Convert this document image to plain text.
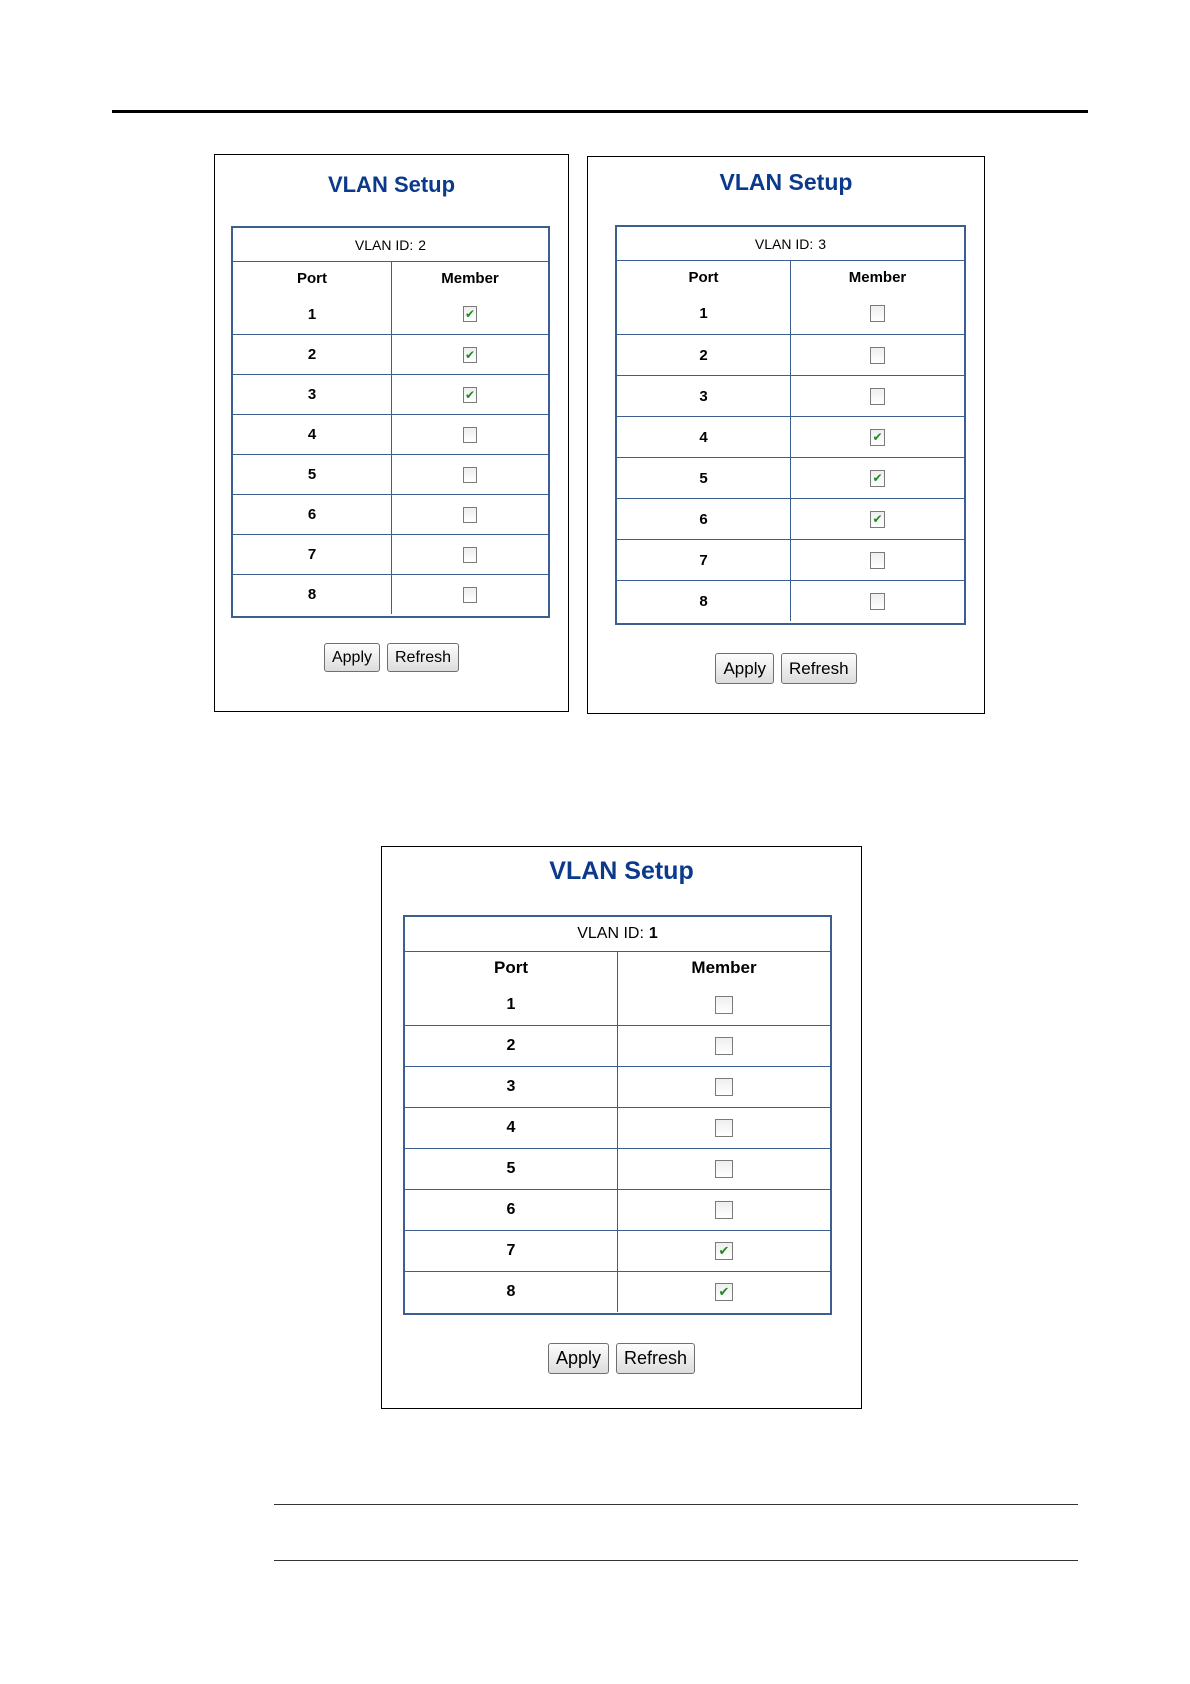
VLAN Setup
VLAN ID: 2
Port	Member
1	✔
2	✔
3	✔
4
5
6
7
8
Apply	Refresh
VLAN Setup
VLAN ID: 3
Port	Member
1
2
3
4	✔
5	✔
6	✔
7
8
Apply	Refresh
VLAN Setup
VLAN ID: 1
Port	Member
1
2
3
4
5
6
7	✔
8	✔
Apply	Refresh
